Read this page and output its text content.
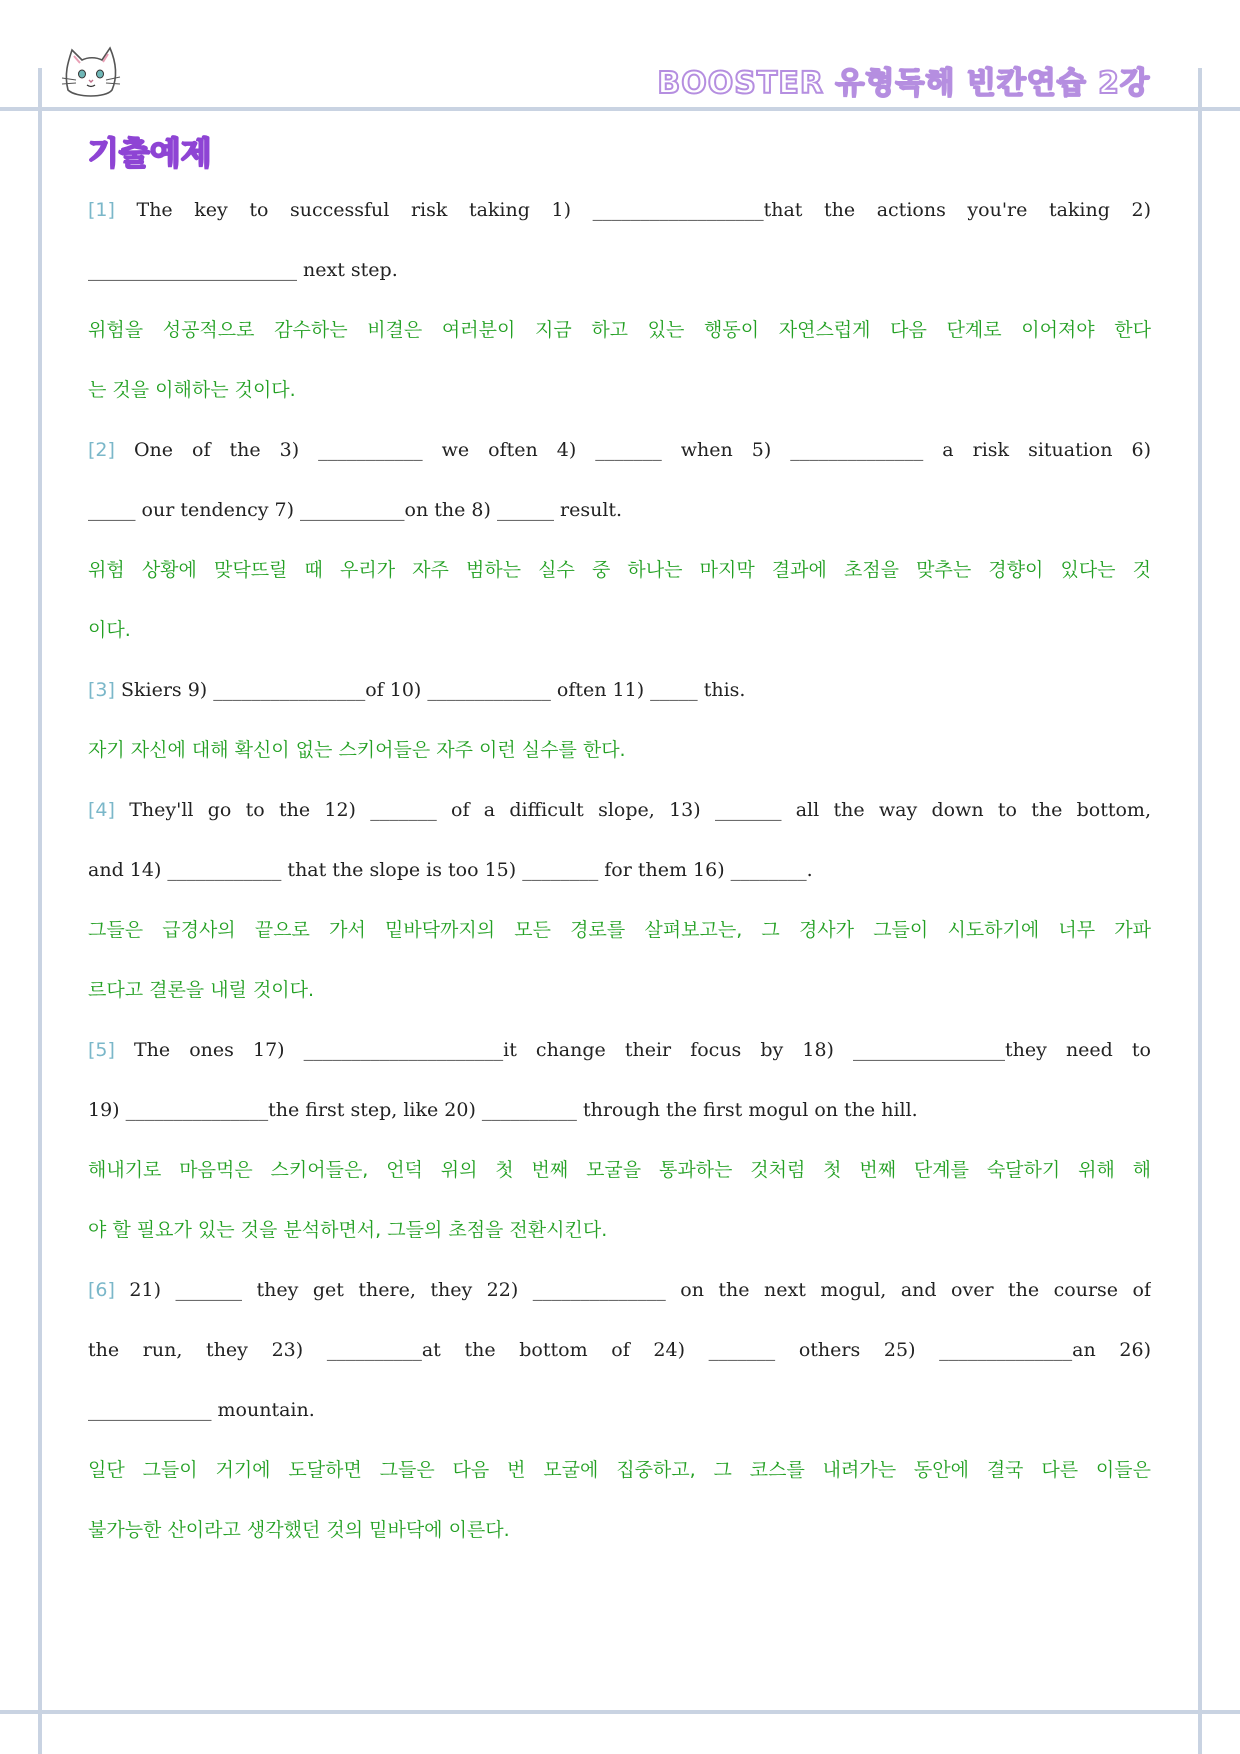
BOOSTER 유형독해 빈칸연습 2강
기출예제
[1] The key to successful risk taking 1) __________________that the actions you're taking 2)
______________________ next step.
위험을 성공적으로 감수하는 비결은 여러분이 지금 하고 있는 행동이 자연스럽게 다음 단계로 이어져야 한다
는 것을 이해하는 것이다.
[2] One of the 3) ___________ we often 4) _______ when 5) ______________ a risk situation 6)
_____ our tendency 7) ___________on the 8) ______ result.
위험 상황에 맞닥뜨릴 때 우리가 자주 범하는 실수 중 하나는 마지막 결과에 초점을 맞추는 경향이 있다는 것
이다.
[3] Skiers 9) ________________of 10) _____________ often 11) _____ this.
자기 자신에 대해 확신이 없는 스키어들은 자주 이런 실수를 한다.
[4] They'll go to the 12) _______ of a difficult slope, 13) _______ all the way down to the bottom,
and 14) ____________ that the slope is too 15) ________ for them 16) ________.
그들은 급경사의 끝으로 가서 밑바닥까지의 모든 경로를 살펴보고는, 그 경사가 그들이 시도하기에 너무 가파
르다고 결론을 내릴 것이다.
[5] The ones 17) _____________________it change their focus by 18) ________________they need to
19) _______________the first step, like 20) __________ through the first mogul on the hill.
해내기로 마음먹은 스키어들은, 언덕 위의 첫 번째 모굴을 통과하는 것처럼 첫 번째 단계를 숙달하기 위해 해
야 할 필요가 있는 것을 분석하면서, 그들의 초점을 전환시킨다.
[6] 21) _______ they get there, they 22) ______________ on the next mogul, and over the course of
the run, they 23) __________at the bottom of 24) _______ others 25) ______________an 26)
_____________ mountain.
일단 그들이 거기에 도달하면 그들은 다음 번 모굴에 집중하고, 그 코스를 내려가는 동안에 결국 다른 이들은
불가능한 산이라고 생각했던 것의 밑바닥에 이른다.
